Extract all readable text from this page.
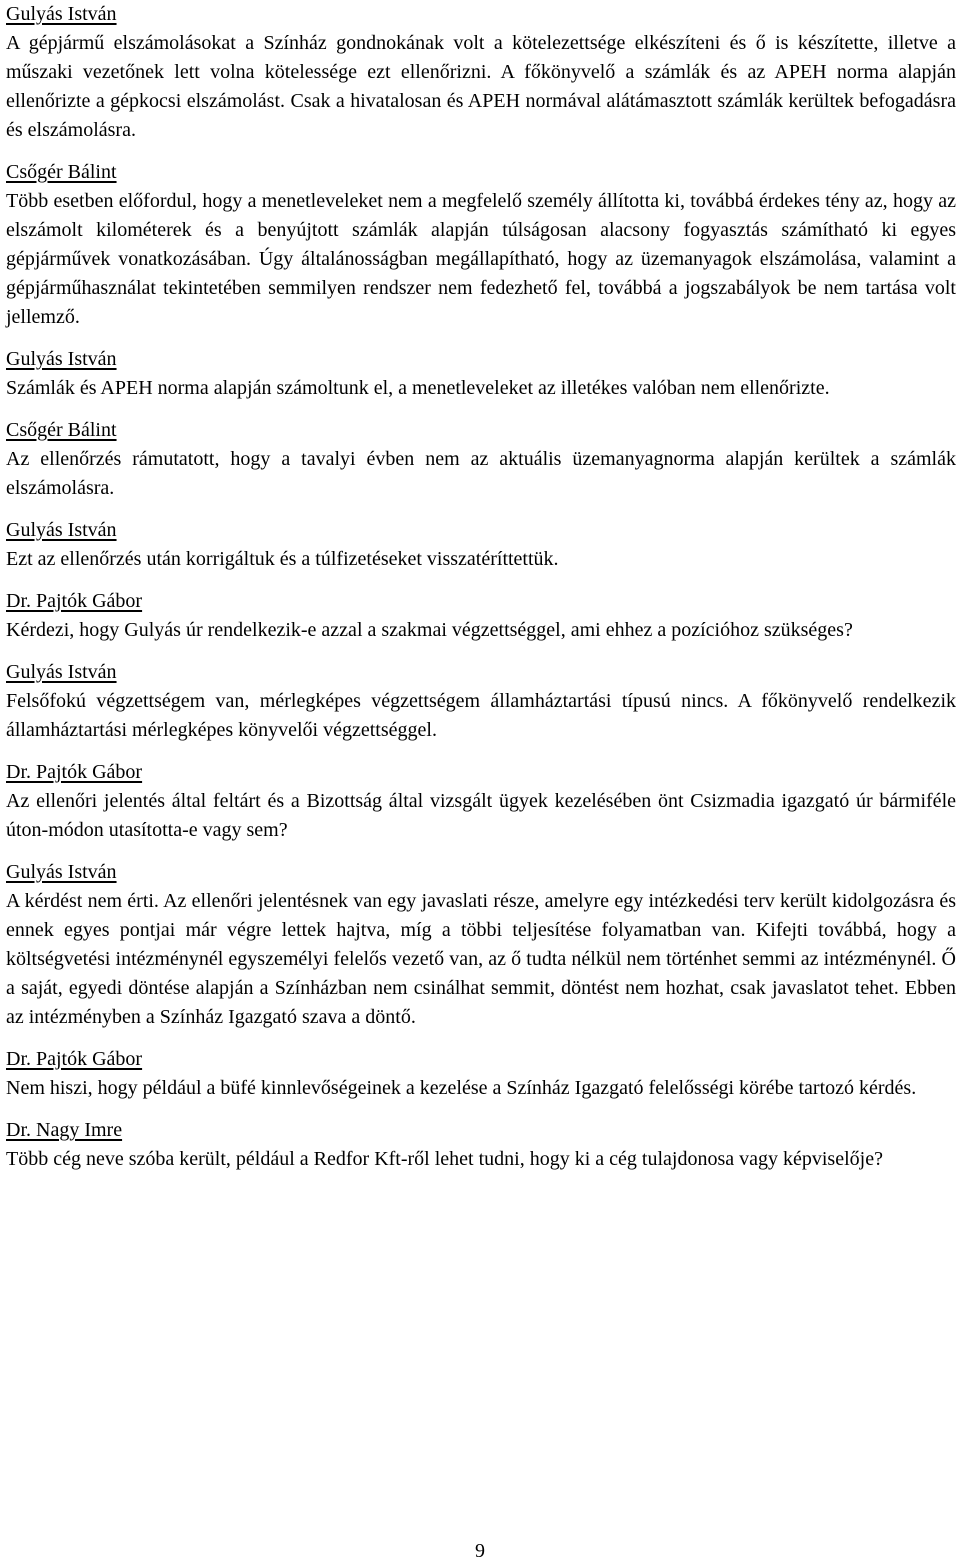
Gulyás István
A gépjármű elszámolásokat a Színház gondnokának volt a kötelezettsége elkészíteni és ő is készítette, illetve a műszaki vezetőnek lett volna kötelessége ezt ellenőrizni. A főkönyvelő a számlák és az APEH norma alapján ellenőrizte a gépkocsi elszámolást. Csak a hivatalosan és APEH normával alátámasztott számlák kerültek befogadásra és elszámolásra.
Csőgér Bálint
Több esetben előfordul, hogy a menetleveleket nem a megfelelő személy állította ki, továbbá érdekes tény az, hogy az elszámolt kilométerek és a benyújtott számlák alapján túlságosan alacsony fogyasztás számítható ki egyes gépjárművek vonatkozásában. Úgy általánosságban megállapítható, hogy az üzemanyagok elszámolása, valamint a gépjárműhasználat tekintetében semmilyen rendszer nem fedezhető fel, továbbá a jogszabályok be nem tartása volt jellemző.
Gulyás István
Számlák és APEH norma alapján számoltunk el, a menetleveleket az illetékes valóban nem ellenőrizte.
Csőgér Bálint
Az ellenőrzés rámutatott, hogy a tavalyi évben nem az aktuális üzemanyagnorma alapján kerültek a számlák elszámolásra.
Gulyás István
Ezt az ellenőrzés után korrigáltuk és a túlfizetéseket visszatéríttettük.
Dr. Pajtók Gábor
Kérdezi, hogy Gulyás úr rendelkezik-e azzal a szakmai végzettséggel, ami ehhez a pozícióhoz szükséges?
Gulyás István
Felsőfokú végzettségem van, mérlegképes végzettségem államháztartási típusú nincs. A főkönyvelő rendelkezik államháztartási mérlegképes könyvelői végzettséggel.
Dr. Pajtók Gábor
Az ellenőri jelentés által feltárt és a Bizottság által vizsgált ügyek kezelésében önt Csizmadia igazgató úr bármiféle úton-módon utasította-e vagy sem?
Gulyás István
A kérdést nem érti. Az ellenőri jelentésnek van egy javaslati része, amelyre egy intézkedési terv került kidolgozásra és ennek egyes pontjai már végre lettek hajtva, míg a többi teljesítése folyamatban van. Kifejti továbbá, hogy a költségvetési intézménynél egyszemélyi felelős vezető van, az ő tudta nélkül nem történhet semmi az intézménynél. Ő a saját, egyedi döntése alapján a Színházban nem csinálhat semmit, döntést nem hozhat, csak javaslatot tehet. Ebben az intézményben a Színház Igazgató szava a döntő.
Dr. Pajtók Gábor
Nem hiszi, hogy például a büfé kinnlevőségeinek a kezelése a Színház Igazgató felelősségi körébe tartozó kérdés.
Dr. Nagy Imre
Több cég neve szóba került, például a Redfor Kft-ről lehet tudni, hogy ki a cég tulajdonosa vagy képviselője?
9
